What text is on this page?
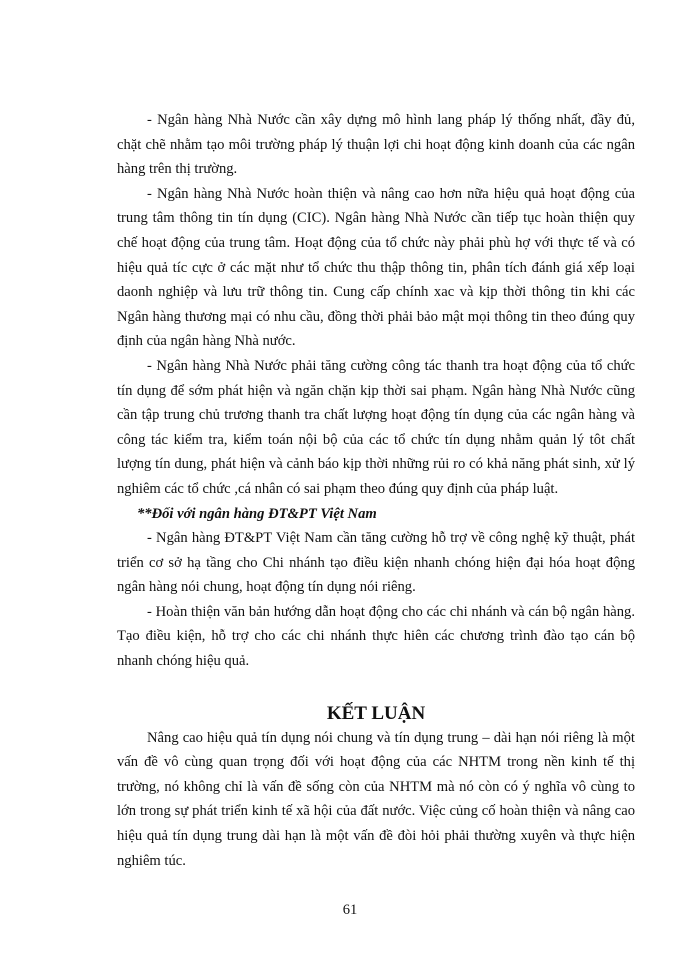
- Ngân hàng Nhà Nước cần xây dựng mô hình lang pháp lý thống nhất, đầy đủ, chặt chẽ nhằm tạo môi trường pháp lý thuận lợi chi hoạt động kinh doanh của các ngân hàng trên thị trường.

- Ngân hàng Nhà Nước hoàn thiện và nâng cao hơn nữa hiệu quả hoạt động của trung tâm thông tin tín dụng (CIC). Ngân hàng Nhà Nước cần tiếp tục hoàn thiện quy chế hoạt động của trung tâm. Hoạt động của tổ chức này phải phù hợ với thực tế và có hiệu quả tíc cực ở các mặt như tổ chức thu thập thông tin, phân tích đánh giá xếp loại daonh nghiệp và lưu trữ thông tin. Cung cấp chính xac và kịp thời thông tin khi các Ngân hàng thương mại có nhu cầu, đồng thời phải bảo mật mọi thông tin theo đúng quy định của ngân hàng Nhà nước.

- Ngân hàng Nhà Nước phải tăng cường công tác thanh tra hoạt động của tổ chức tín dụng để sớm phát hiện và ngăn chặn kịp thời sai phạm. Ngân hàng Nhà Nước cũng cần tập trung chủ trương thanh tra chất lượng hoạt động tín dụng của các ngân hàng và công tác kiểm tra, kiểm toán nội bộ của các tổ chức tín dụng nhằm quản lý tôt chất lượng tín dung, phát hiện và cảnh báo kịp thời những rủi ro có khả năng phát sinh, xử lý nghiêm các tổ chức ,cá nhân có sai phạm theo đúng quy định của pháp luật.

**Đối với ngân hàng ĐT&PT Việt Nam

- Ngân hàng ĐT&PT Việt Nam cần tăng cường hỗ trợ về công nghệ kỹ thuật, phát triển cơ sở hạ tầng cho Chi nhánh tạo điều kiện nhanh chóng hiện đại hóa hoạt động ngân hàng nói chung, hoạt động tín dụng nói riêng.

- Hoàn thiện văn bản hướng dẫn hoạt động cho các chi nhánh và cán bộ ngân hàng. Tạo điều kiện, hỗ trợ cho các chi nhánh thực hiên các chương trình đào tạo cán bộ nhanh chóng hiệu quả.

KẾT LUẬN

Nâng cao hiệu quả tín dụng nói chung và tín dụng trung – dài hạn nói riêng là một vấn đề vô cùng quan trọng đối với hoạt động của các NHTM trong nền kinh tế thị trường, nó không chỉ là vấn đề sống còn của NHTM mà nó còn có ý nghĩa vô cùng to lớn trong sự phát triển kinh tế xã hội của đất nước. Việc củng cố hoàn thiện và nâng cao hiệu quả tín dụng trung dài hạn là một vấn đề đòi hỏi phải thường xuyên và thực hiện nghiêm túc.

61
